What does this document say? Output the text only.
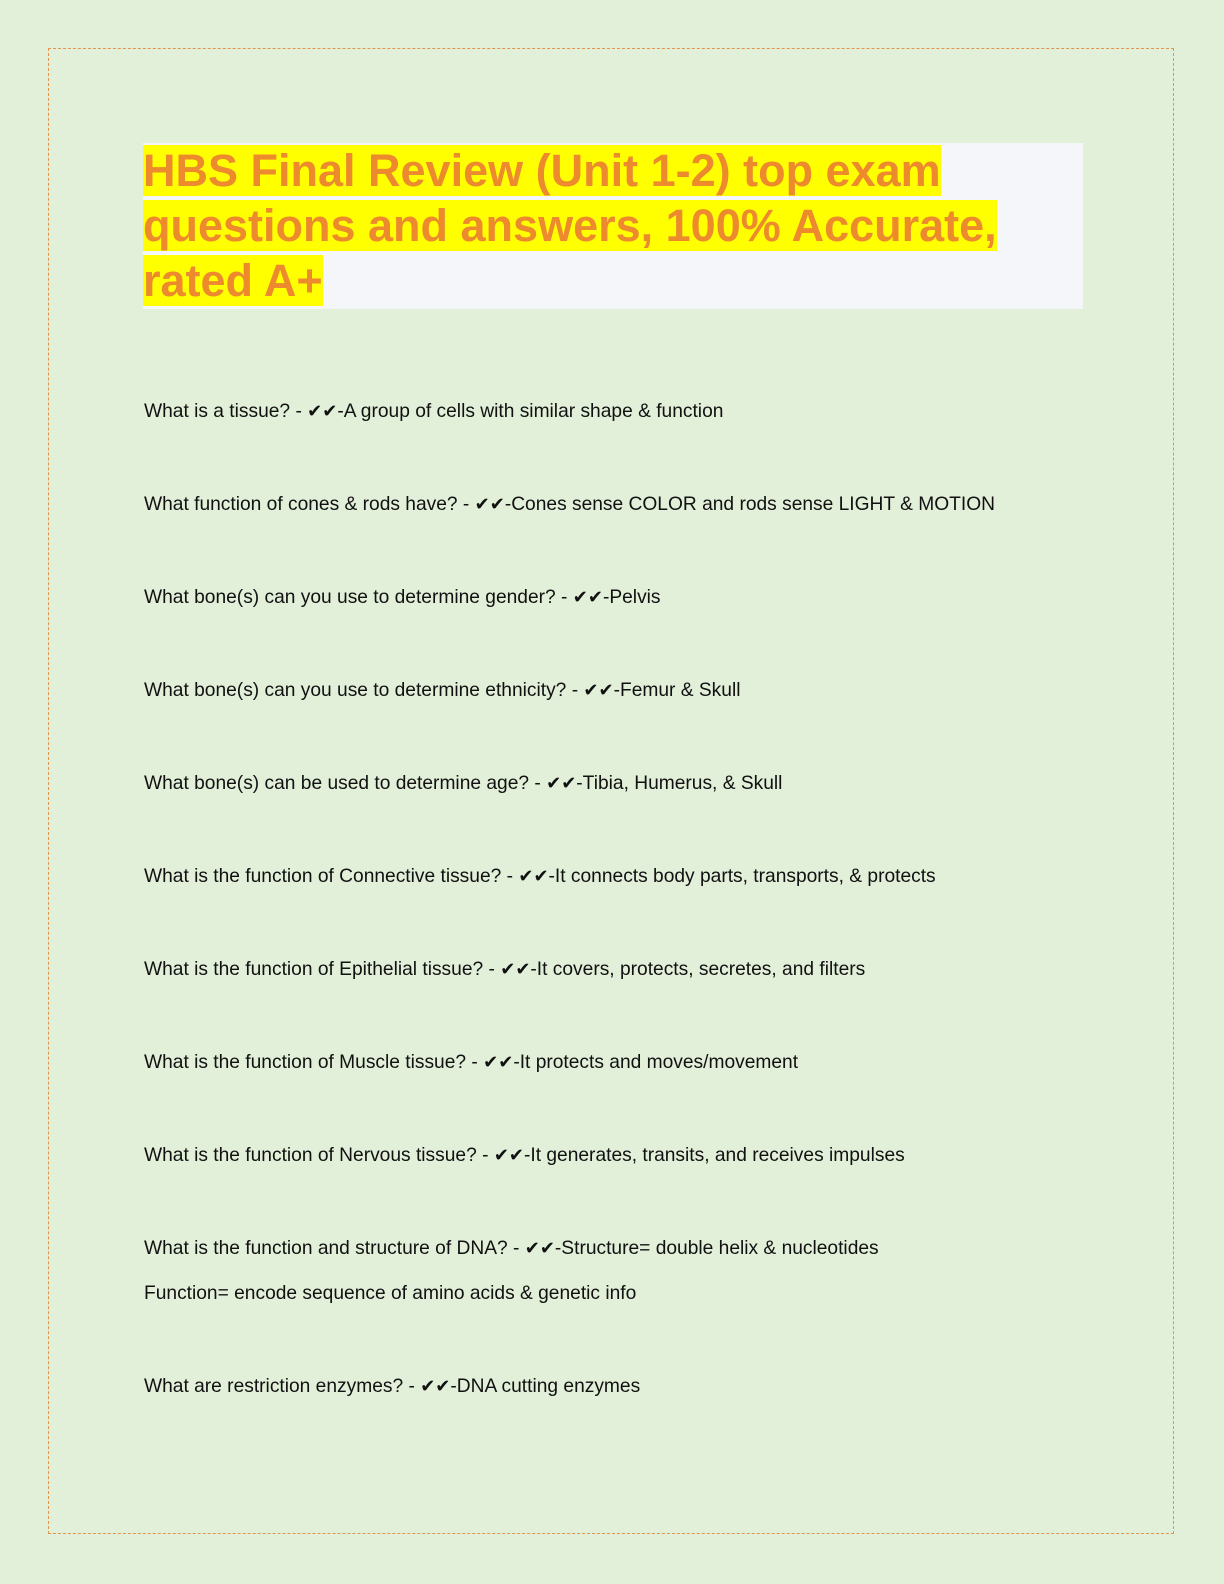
HBS Final Review (Unit 1-2) top exam questions and answers, 100% Accurate, rated A+
What is a tissue? - ✔✔-A group of cells with similar shape & function
What function of cones & rods have? - ✔✔-Cones sense COLOR and rods sense LIGHT & MOTION
What bone(s) can you use to determine gender? - ✔✔-Pelvis
What bone(s) can you use to determine ethnicity? - ✔✔-Femur & Skull
What bone(s) can be used to determine age? - ✔✔-Tibia, Humerus, & Skull
What is the function of Connective tissue? - ✔✔-It connects body parts, transports, & protects
What is the function of Epithelial tissue? - ✔✔-It covers, protects, secretes, and filters
What is the function of Muscle tissue? - ✔✔-It protects and moves/movement
What is the function of Nervous tissue? - ✔✔-It generates, transits, and receives impulses
What is the function and structure of DNA? - ✔✔-Structure= double helix & nucleotides
Function= encode sequence of amino acids & genetic info
What are restriction enzymes? - ✔✔-DNA cutting enzymes
